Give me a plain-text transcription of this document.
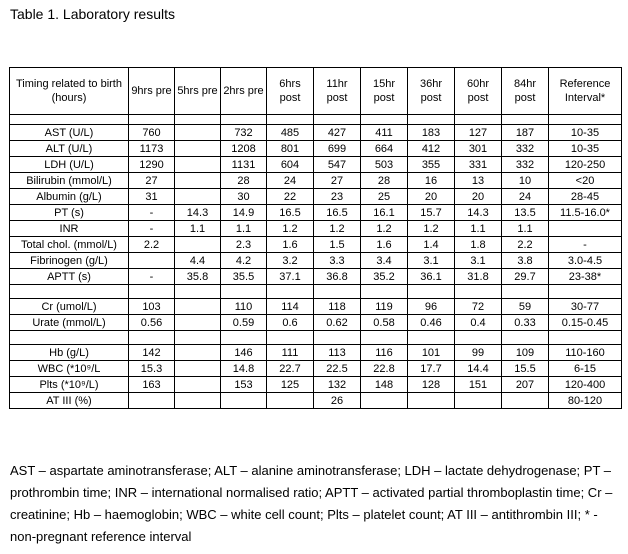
Table 1. Laboratory results
Timing related to birth (hours)	9hrs pre	5hrs pre	2hrs pre	6hrs post	11hr post	15hr post	36hr post	60hr post	84hr post	Reference Interval*

AST (U/L)	760		732	485	427	411	183	127	187	10-35
ALT (U/L)	1173		1208	801	699	664	412	301	332	10-35
LDH (U/L)	1290		1131	604	547	503	355	331	332	120-250
Bilirubin (mmol/L)	27		28	24	27	28	16	13	10	<20
Albumin (g/L)	31		30	22	23	25	20	20	24	28-45
PT (s)	-	14.3	14.9	16.5	16.5	16.1	15.7	14.3	13.5	11.5-16.0*
INR	-	1.1	1.1	1.2	1.2	1.2	1.2	1.1	1.1	
Total chol. (mmol/L)	2.2		2.3	1.6	1.5	1.6	1.4	1.8	2.2	-
Fibrinogen (g/L)		4.4	4.2	3.2	3.3	3.4	3.1	3.1	3.8	3.0-4.5
APTT (s)	-	35.8	35.5	37.1	36.8	35.2	36.1	31.8	29.7	23-38*

Cr (umol/L)	103		110	114	118	119	96	72	59	30-77
Urate (mmol/L)	0.56		0.59	0.6	0.62	0.58	0.46	0.4	0.33	0.15-0.45

Hb (g/L)	142		146	111	113	116	101	99	109	110-160
WBC (*10⁹/L	15.3		14.8	22.7	22.5	22.8	17.7	14.4	15.5	6-15
Plts (*10⁹/L)	163		153	125	132	148	128	151	207	120-400
AT III (%)					26					80-120
AST – aspartate aminotransferase; ALT – alanine aminotransferase; LDH – lactate dehydrogenase; PT – prothrombin time; INR – international normalised ratio; APTT – activated partial thromboplastin time; Cr – creatinine; Hb – haemoglobin; WBC – white cell count; Plts – platelet count; AT III – antithrombin III; * - non-pregnant reference interval
